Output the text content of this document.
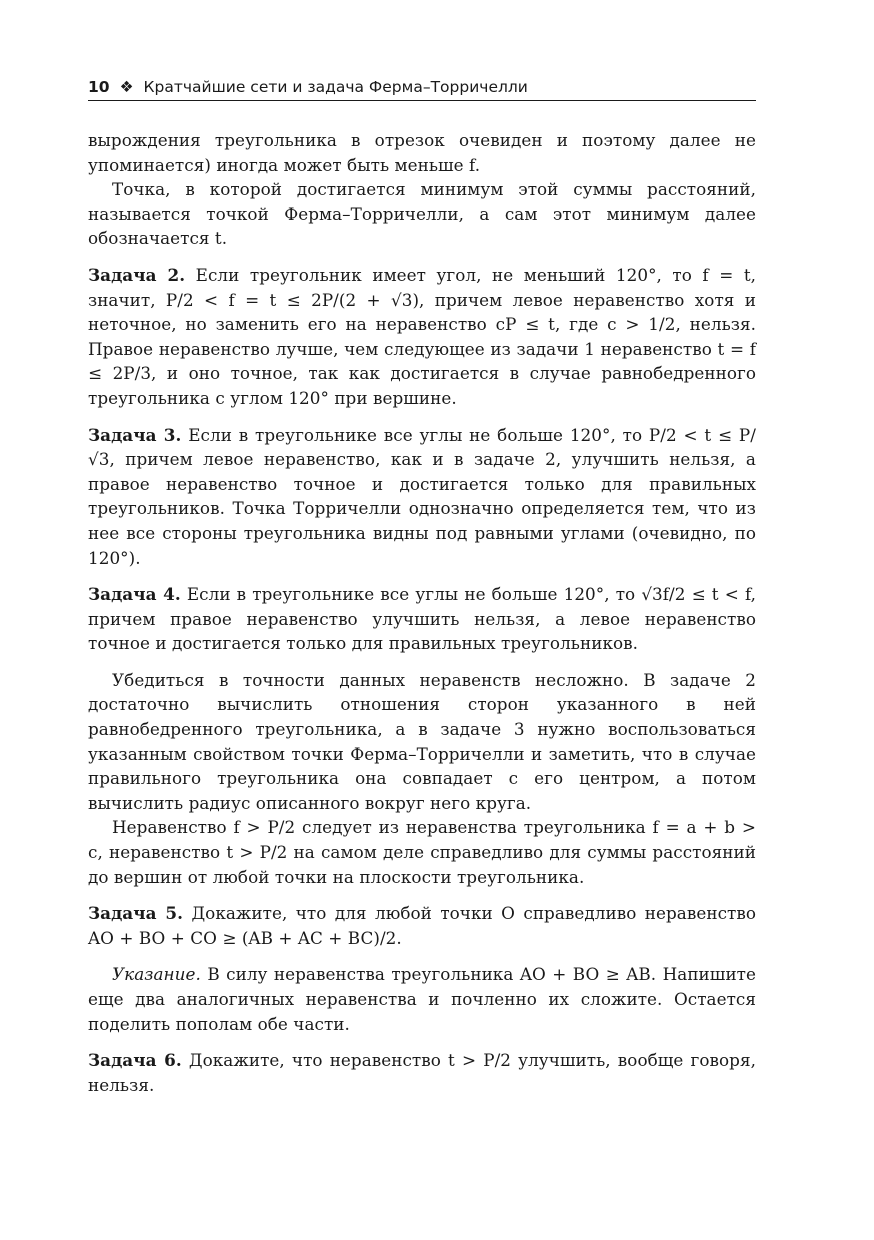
10 ❖ Кратчайшие сети и задача Ферма–Торричелли

вырождения треугольника в отрезок очевиден и поэтому далее не упоминается) иногда может быть меньше f.

Точка, в которой достигается минимум этой суммы расстояний, называется точкой Ферма–Торричелли, а сам этот минимум далее обозначается t.

Задача 2. Если треугольник имеет угол, не меньший 120°, то f = t, значит, P/2 < f = t ≤ 2P/(2 + √3), причем левое неравенство хотя и неточное, но заменить его на неравенство cP ≤ t, где c > 1/2, нельзя. Правое неравенство лучше, чем следующее из задачи 1 неравенство t = f ≤ 2P/3, и оно точное, так как достигается в случае равнобедренного треугольника с углом 120° при вершине.

Задача 3. Если в треугольнике все углы не больше 120°, то P/2 < t ≤ P/√3, причем левое неравенство, как и в задаче 2, улучшить нельзя, а правое неравенство точное и достигается только для правильных треугольников. Точка Торричелли однозначно определяется тем, что из нее все стороны треугольника видны под равными углами (очевидно, по 120°).

Задача 4. Если в треугольнике все углы не больше 120°, то √3f/2 ≤ t < f, причем правое неравенство улучшить нельзя, а левое неравенство точное и достигается только для правильных треугольников.

Убедиться в точности данных неравенств несложно. В задаче 2 достаточно вычислить отношения сторон указанного в ней равнобедренного треугольника, а в задаче 3 нужно воспользоваться указанным свойством точки Ферма–Торричелли и заметить, что в случае правильного треугольника она совпадает с его центром, а потом вычислить радиус описанного вокруг него круга.

Неравенство f > P/2 следует из неравенства треугольника f = a + b > c, неравенство t > P/2 на самом деле справедливо для суммы расстояний до вершин от любой точки на плоскости треугольника.

Задача 5. Докажите, что для любой точки O справедливо неравенство AO + BO + CO ≥ (AB + AC + BC)/2.

Указание. В силу неравенства треугольника AO + BO ≥ AB. Напишите еще два аналогичных неравенства и почленно их сложите. Остается поделить пополам обе части.

Задача 6. Докажите, что неравенство t > P/2 улучшить, вообще говоря, нельзя.
